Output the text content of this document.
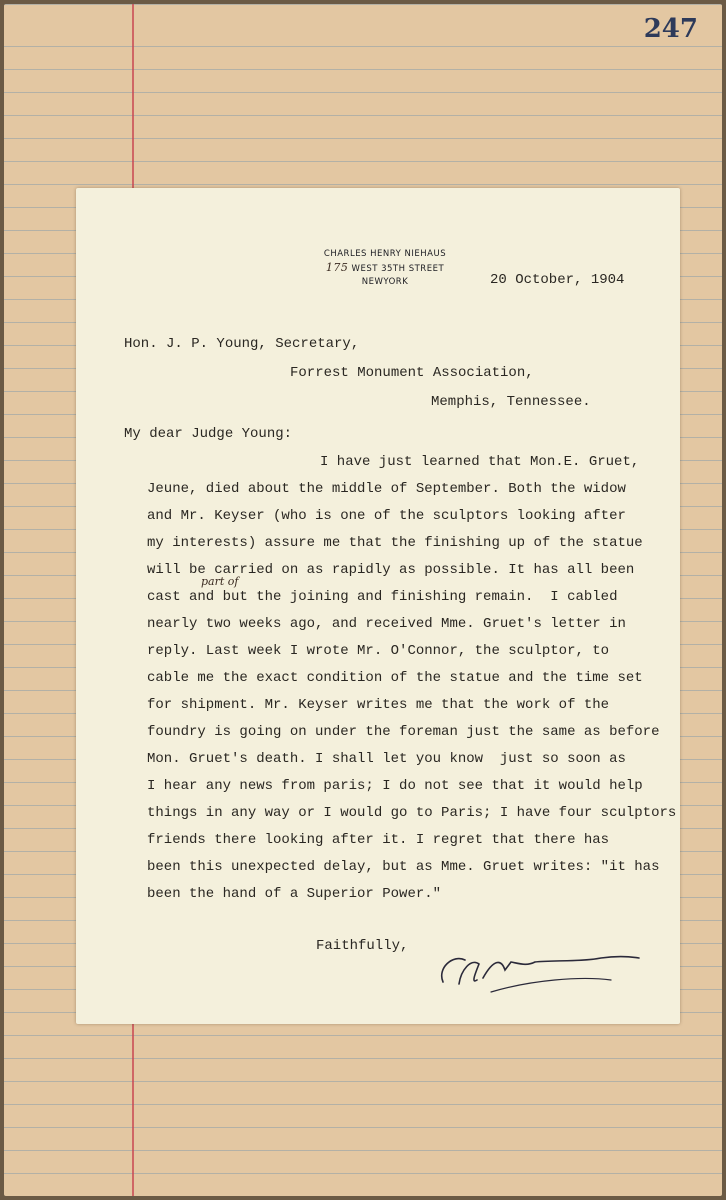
247
CHARLES HENRY NIEHAUS
175 WEST 35TH STREET
NEWYORK	20 October, 1904
Hon. J. P. Young, Secretary,
Forrest Monument Association,
Memphis, Tennessee.
My dear Judge Young:
I have just learned that Mon.E. Gruet,
Jeune, died about the middle of September. Both the widow
and Mr. Keyser (who is one of the sculptors looking after
my interests) assure me that the finishing up of the statue
will be carried on as rapidly as possible. It has all been
cast and but the joining and finishing remain.  I cabled
nearly two weeks ago, and received Mme. Gruet's letter in
reply. Last week I wrote Mr. O'Connor, the sculptor, to
cable me the exact condition of the statue and the time set
for shipment. Mr. Keyser writes me that the work of the
foundry is going on under the foreman just the same as before
Mon. Gruet's death. I shall let you know  just so soon as
I hear any news from paris; I do not see that it would help
things in any way or I would go to Paris; I have four sculptors
friends there looking after it. I regret that there has
been this unexpected delay, but as Mme. Gruet writes: "it has
been the hand of a Superior Power."
part of
Faithfully,
